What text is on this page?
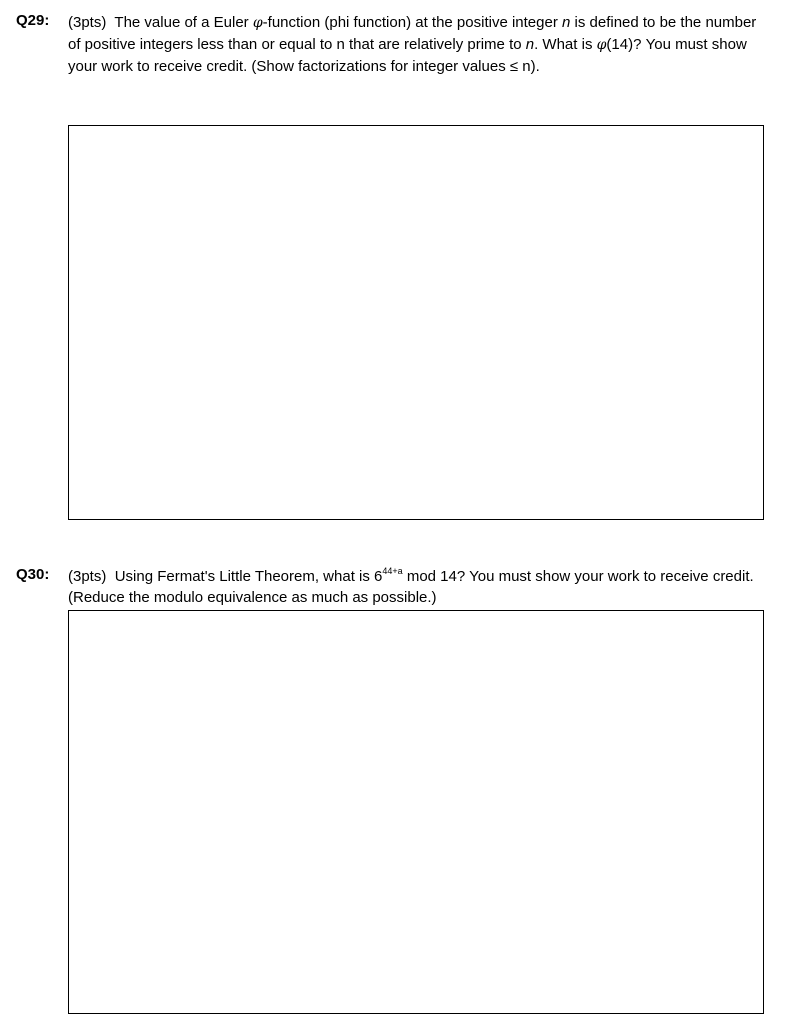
Q29: (3pts) The value of a Euler φ-function (phi function) at the positive integer n is defined to be the number of positive integers less than or equal to n that are relatively prime to n. What is φ(14)? You must show your work to receive credit. (Show factorizations for integer values ≤ n).
Q30: (3pts) Using Fermat's Little Theorem, what is $6^{44+a}$ mod 14? You must show your work to receive credit. (Reduce the modulo equivalence as much as possible.)
